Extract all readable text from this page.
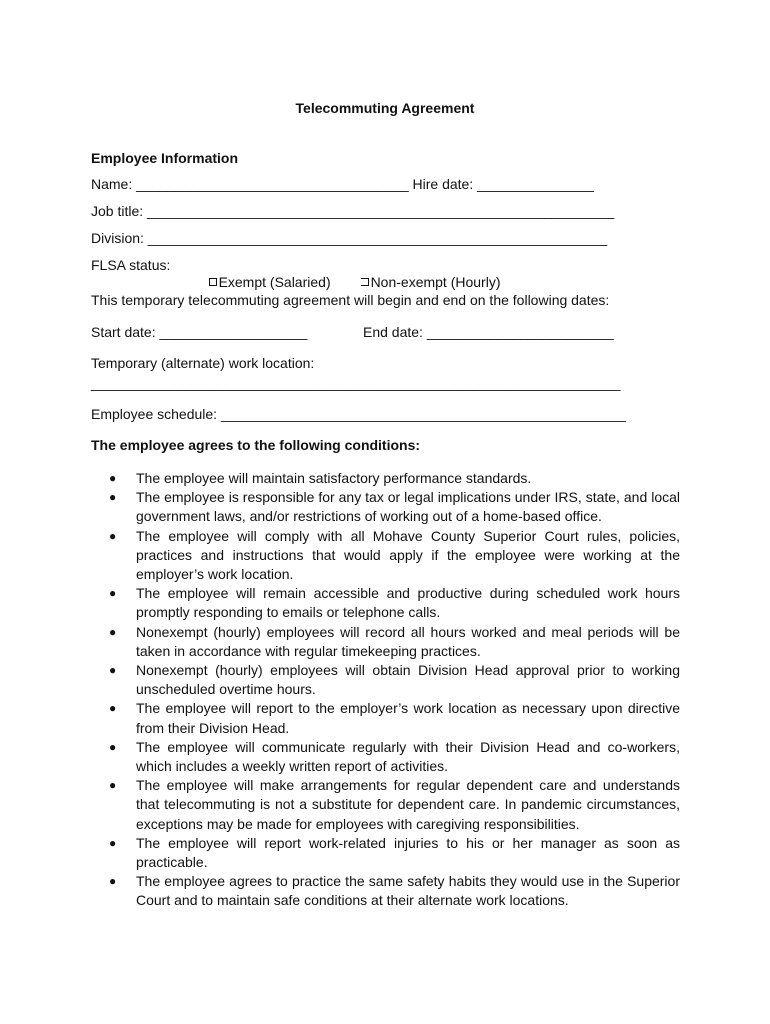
Telecommuting Agreement
Employee Information
Name: ___________________________________ Hire date: _______________
Job title: ____________________________________________________________
Division: ___________________________________________________________
FLSA status:

Exempt (Salaried)
	Non-exempt (Hourly)

This temporary telecommuting agreement will begin and end on the following dates:
Start date: ___________________	End date: ________________________
Temporary (alternate) work location:
____________________________________________________________________
Employee schedule: ____________________________________________________
The employee agrees to the following conditions:
● The employee will maintain satisfactory performance standards.
● The employee is responsible for any tax or legal implications under IRS, state, and local government laws, and/or restrictions of working out of a home-based office.
● The employee will comply with all Mohave County Superior Court rules, policies, practices and instructions that would apply if the employee were working at the employer’s work location.
● The employee will remain accessible and productive during scheduled work hours promptly responding to emails or telephone calls.
● Nonexempt (hourly) employees will record all hours worked and meal periods will be taken in accordance with regular timekeeping practices.
● Nonexempt (hourly) employees will obtain Division Head approval prior to working unscheduled overtime hours.
● The employee will report to the employer’s work location as necessary upon directive from their Division Head.
● The employee will communicate regularly with their Division Head and co-workers, which includes a weekly written report of activities.
● The employee will make arrangements for regular dependent care and understands that telecommuting is not a substitute for dependent care. In pandemic circumstances, exceptions may be made for employees with caregiving responsibilities.
● The employee will report work-related injuries to his or her manager as soon as practicable.
● The employee agrees to practice the same safety habits they would use in the Superior Court and to maintain safe conditions at their alternate work locations.
